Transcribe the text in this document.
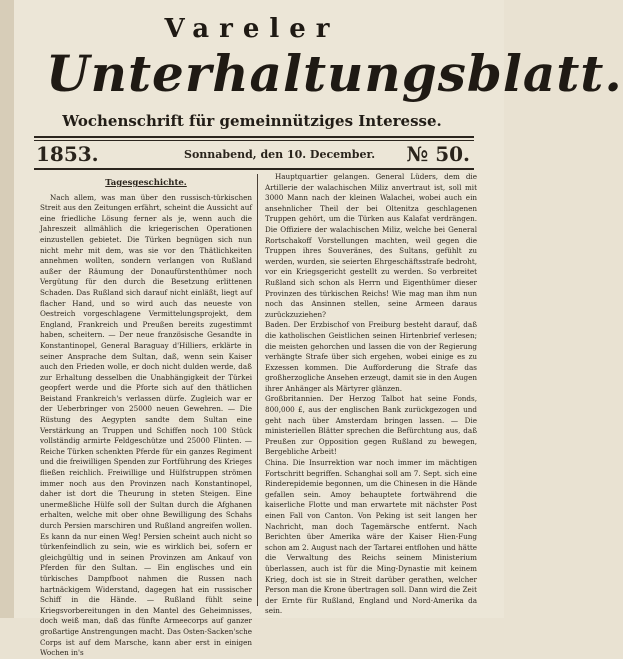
Vareler
Unterhaltungsblatt.
Wochenschrift für gemeinnütziges Interesse.
1853.	Sonnabend, den 10. December. № 50.
Tagesgeschichte.

Nach allem, was man über den russisch-türkischen Streit aus den Zeitungen erfährt, scheint die Aussicht auf eine friedliche Lösung ferner als je, wenn auch die Jahreszeit allmählich die kriegerischen Operationen einzustellen gebietet. Die Türken begnügen sich nun nicht mehr mit dem, was sie vor den Thätlichkeiten annehmen wollten, sondern verlangen von Rußland außer der Räumung der Donaufürstenthümer noch Vergütung für den durch die Besetzung erlittenen Schaden. Das Rußland sich darauf nicht einläßt, liegt auf flacher Hand, und so wird auch das neueste von Oestreich vorgeschlagene Vermittelungsprojekt, dem England, Frankreich und Preußen bereits zugestimmt haben, scheitern. — Der neue französische Gesandte in Konstantinopel, General Baraguay d'Hilliers, erklärte in seiner Ansprache dem Sultan, daß, wenn sein Kaiser auch den Frieden wolle, er doch nicht dulden werde, daß zur Erhaltung desselben die Unabhängigkeit der Türkei geopfert werde und die Pforte sich auf den thätlichen Beistand Frankreich's verlassen dürfe. Zugleich war er der Ueberbringer von 25000 neuen Gewehren. — Die Rüstung des Aegypten sandte dem Sultan eine Verstärkung an Truppen und Schiffen noch 100 Stück vollständig armirte Feldgeschütze und 25000 Flinten. — Reiche Türken schenkten Pferde für ein ganzes Regiment und die freiwilligen Spenden zur Fortführung des Krieges fließen reichlich. Freiwillige und Hülfstruppen strömen immer noch aus den Provinzen nach Konstantinopel, daher ist dort die Theurung in steten Steigen. Eine unermeßliche Hülfe soll der Sultan durch die Afghanen erhalten, welche mit ober ohne Bewilligung des Schahs durch Persien marschiren und Rußland angreifen wollen. Es kann da nur einen Weg! Persien scheint auch nicht so türkenfeindlich zu sein, wie es wirklich bei, sofern er gleichgültig und in seinen Provinzen am Ankauf von Pferden für den Sultan. — Ein englisches und ein türkisches Dampfboot nahmen die Russen nach hartnäckigem Widerstand, dagegen hat ein russischer Schiff in die Hände. — Rußland fühlt seine Kriegsvorbereitungen in den Mantel des Geheimnisses, doch weiß man, daß das fünfte Armeecorps auf ganzer großartige Anstrengungen macht. Das Osten-Sacken'sche Corps ist auf dem Marsche, kann aber erst in einigen Wochen in's

Hauptquartier gelangen. General Lüders, dem die Artillerie der walachischen Miliz anvertraut ist, soll mit 3000 Mann nach der kleinen Walachei, wobei auch ein ansehnlicher Theil der bei Oltenitza geschlagenen Truppen gehört, um die Türken aus Kalafat verdrängen. Die Offiziere der walachischen Miliz, welche bei General Rortschakoff Vorstellungen machten, weil gegen die Truppen ihres Souveränes, des Sultans, gefühlt zu werden, wurden, sie seierten Ehrgeschäftsstrafe bedroht, vor ein Kriegsgericht gestellt zu werden. So verbreitet Rußland sich schon als Herrn und Eigenthümer dieser Provinzen des türkischen Reichs! Wie mag man ihm nun noch das Ansinnen stellen, seine Armeen daraus zurückzuziehen?
Baden. Der Erzbischof von Freiburg besteht darauf, daß die katholischen Geistlichen seinen Hirtenbrief verlesen; die meisten gehorchen und lassen die von der Regierung verhängte Strafe über sich ergehen, wobei einige es zu Exzessen kommen. Die Aufforderung die Strafe das großherzogliche Ansehen erzeugt, damit sie in den Augen ihrer Anhänger als Märtyrer glänzen.
Großbritannien. Der Herzog Talbot hat seine Fonds, 800,000 £, aus der englischen Bank zurückgezogen und geht nach über Amsterdam bringen lassen. — Die ministeriellen Blätter sprechen die Befürchtung aus, daß Preußen zur Opposition gegen Rußland zu bewegen, Bergebliche Arbeit!
China. Die Insurrektion war noch immer im mächtigen Fortschritt begriffen. Schanghai soll am 7. Sept. sich eine Rinderepidemie begonnen, um die Chinesen in die Hände gefallen sein. Amoy behauptete fortwährend die kaiserliche Flotte und man erwartete mit nächster Post einen Fall von Canton. Von Peking ist seit langen her Nachricht, man doch Tagemärsche entfernt. Nach Berichten über Amerika wäre der Kaiser Hien-Fung schon am 2. August nach der Tartarei entflohen und hätte die Verwaltung des Reichs seinem Ministerium überlassen, auch ist für die Ming-Dynastie mit keinem Krieg, doch ist sie in Streit darüber gerathen, welcher Person man die Krone übertragen soll. Dann wird die Zeit der Ernte für Rußland, England und Nord-Amerika da sein.
